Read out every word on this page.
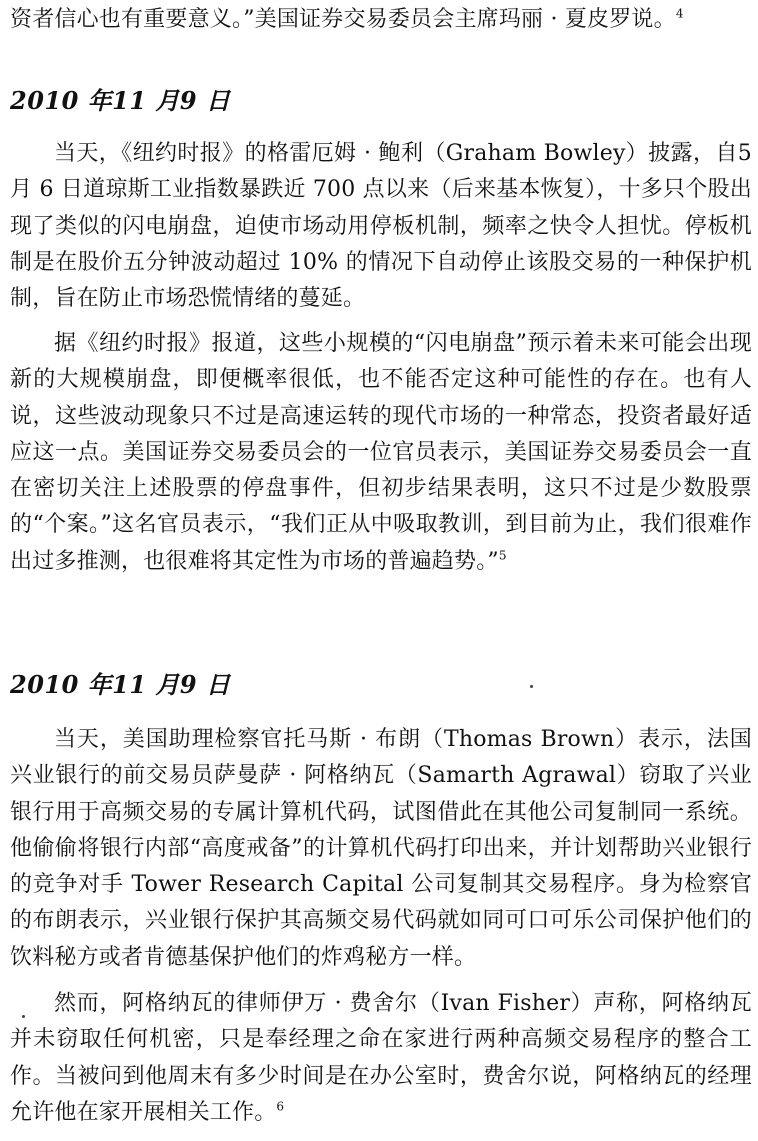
资者信心也有重要意义。”美国证券交易委员会主席玛丽 · 夏皮罗说。$^4$

2010 年11 月9 日

当天，《纽约时报》的格雷厄姆 · 鲍利（Graham Bowley）披露，自5 月 6 日道琼斯工业指数暴跌近 700 点以来（后来基本恢复），十多只个股出现了类似的闪电崩盘，迫使市场动用停板机制，频率之快令人担忧。停板机制是在股价五分钟波动超过 10% 的情况下自动停止该股交易的一种保护机制，旨在防止市场恐慌情绪的蔓延。

据《纽约时报》报道，这些小规模的“闪电崩盘”预示着未来可能会出现新的大规模崩盘，即便概率很低，也不能否定这种可能性的存在。也有人说，这些波动现象只不过是高速运转的现代市场的一种常态，投资者最好适应这一点。美国证券交易委员会的一位官员表示，美国证券交易委员会一直在密切关注上述股票的停盘事件，但初步结果表明，这只不过是少数股票的“个案。”这名官员表示，“我们正从中吸取教训，到目前为止，我们很难作出过多推测，也很难将其定性为市场的普遍趋势。”$^5$

2010 年11 月9 日

当天，美国助理检察官托马斯 · 布朗（Thomas Brown）表示，法国兴业银行的前交易员萨曼萨 · 阿格纳瓦（Samarth Agrawal）窃取了兴业银行用于高频交易的专属计算机代码，试图借此在其他公司复制同一系统。他偷偷将银行内部“高度戒备”的计算机代码打印出来，并计划帮助兴业银行的竞争对手 Tower Research Capital 公司复制其交易程序。身为检察官的布朗表示，兴业银行保护其高频交易代码就如同可口可乐公司保护他们的饮料秘方或者肯德基保护他们的炸鸡秘方一样。

然而，阿格纳瓦的律师伊万 · 费舍尔（Ivan Fisher）声称，阿格纳瓦并未窃取任何机密，只是奉经理之命在家进行两种高频交易程序的整合工作。当被问到他周末有多少时间是在办公室时，费舍尔说，阿格纳瓦的经理允许他在家开展相关工作。$^6$
